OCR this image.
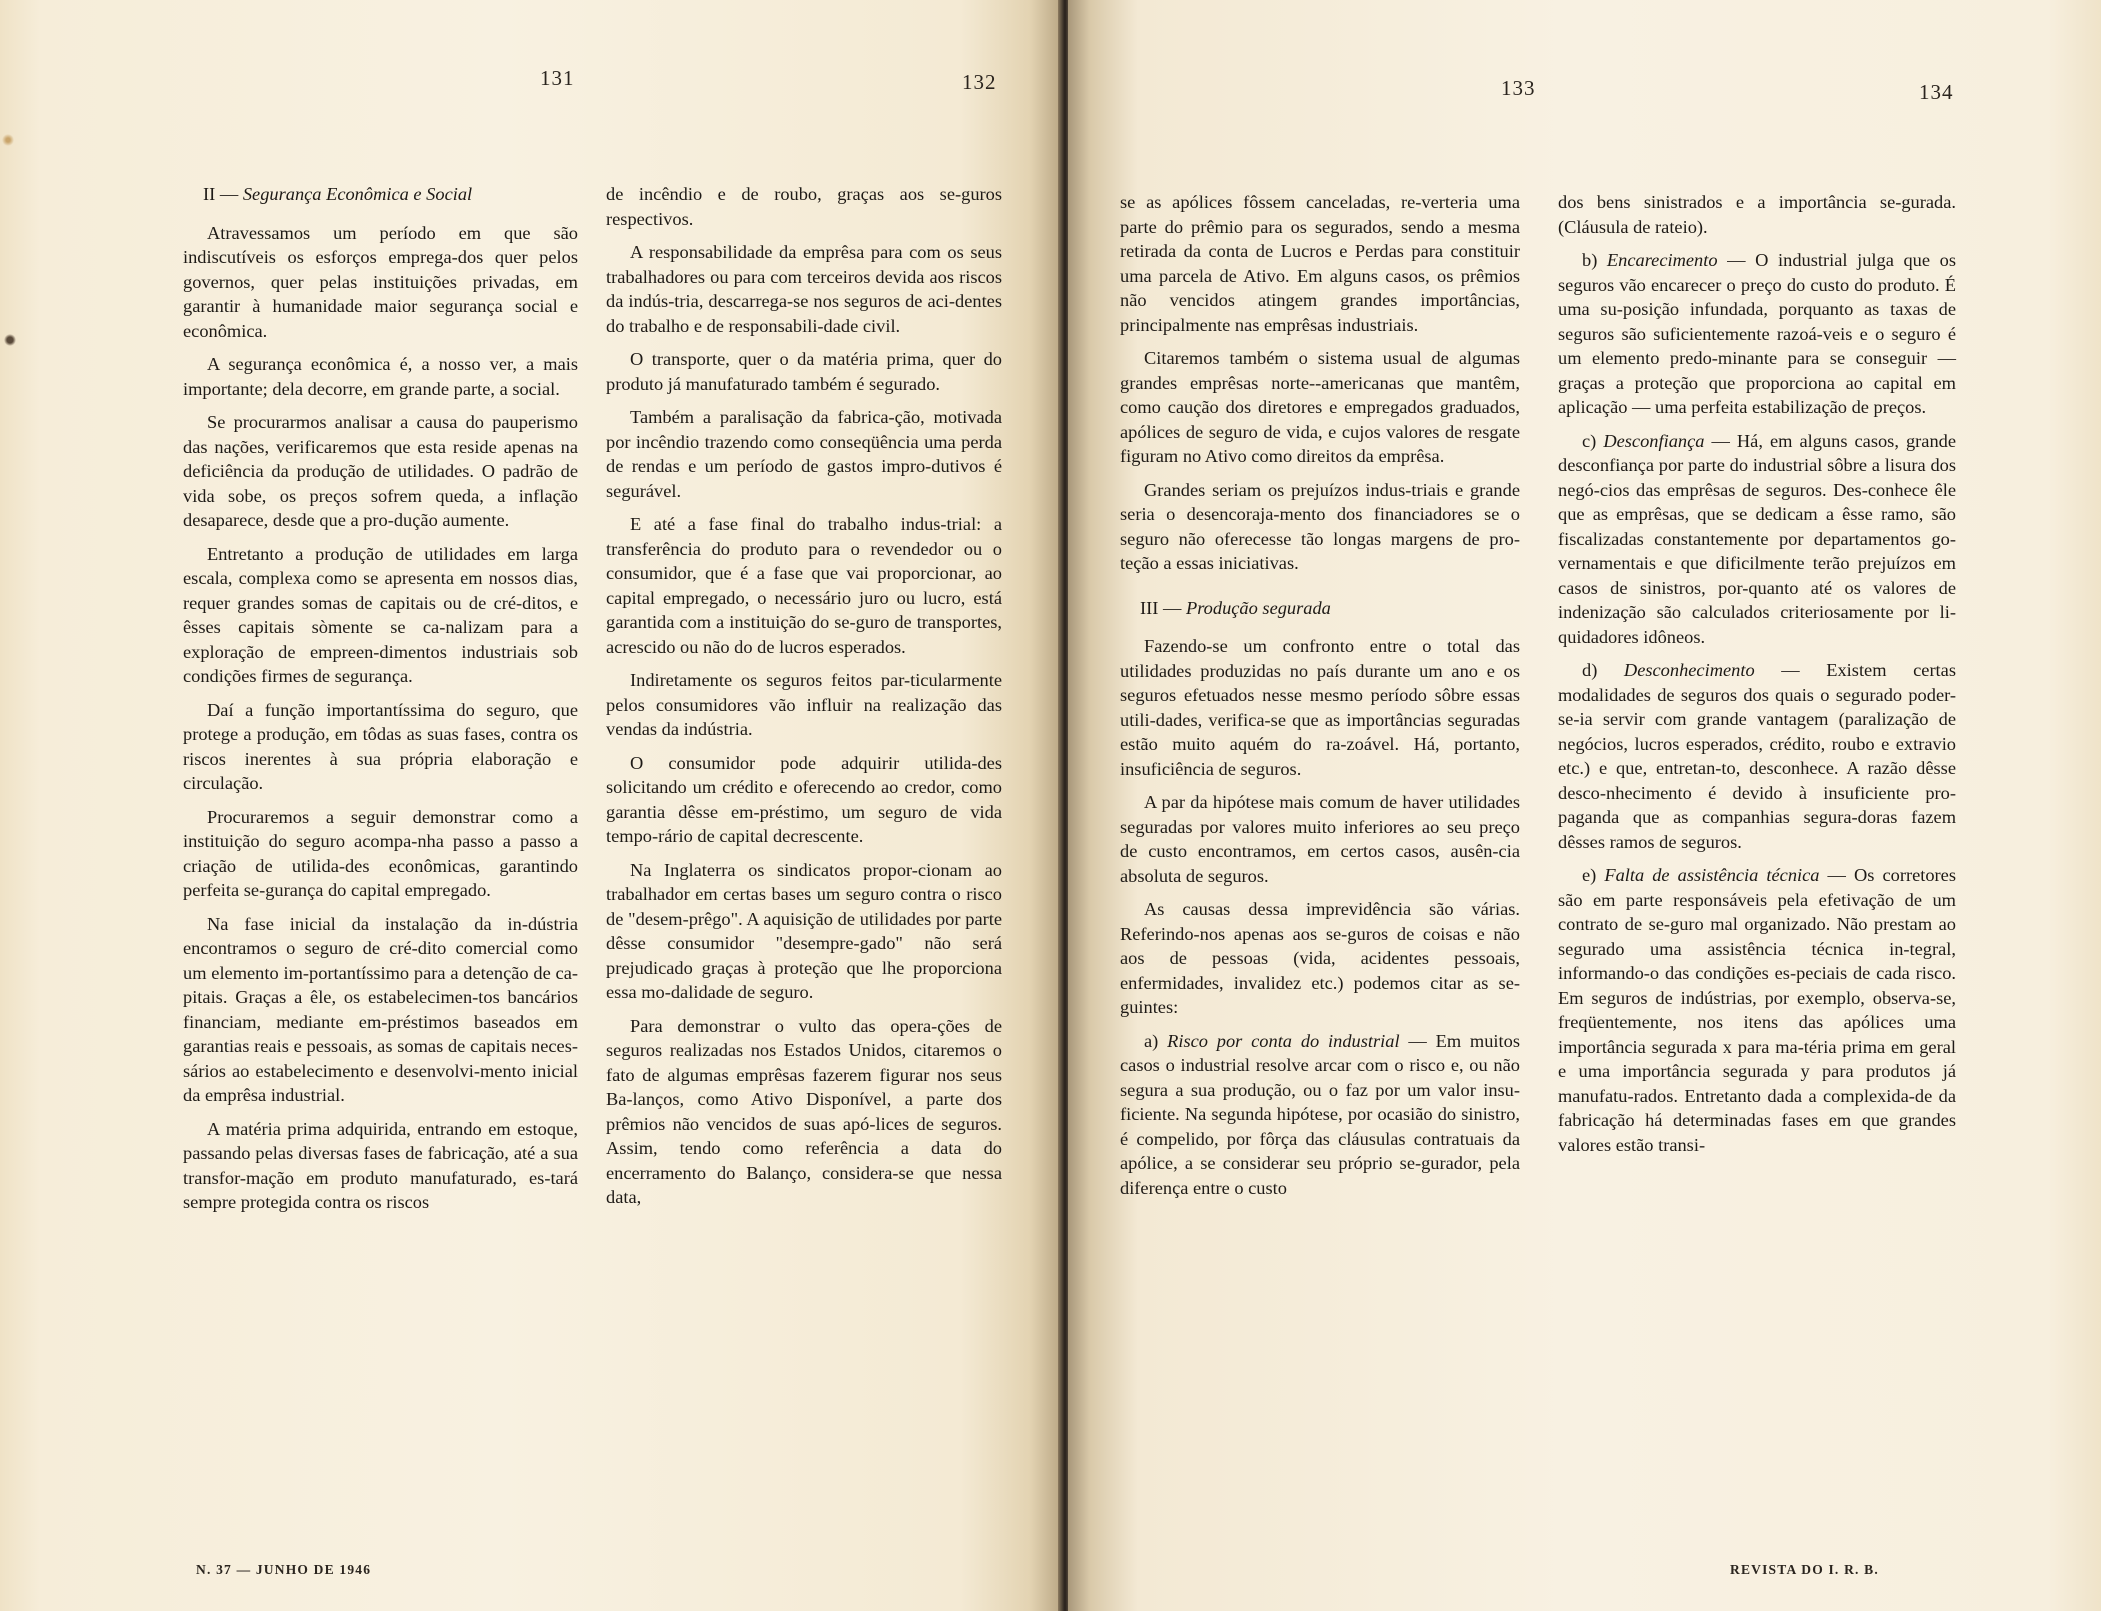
131	132

II — Segurança Econômica e Social

Atravessamos um período em que são indiscutíveis os esforços emprega-dos quer pelos governos, quer pelas instituições privadas, em garantir à humanidade maior segurança social e econômica.

A segurança econômica é, a nosso ver, a mais importante; dela decorre, em grande parte, a social.

Se procurarmos analisar a causa do pauperismo das nações, verificaremos que esta reside apenas na deficiência da produção de utilidades. O padrão de vida sobe, os preços sofrem queda, a inflação desaparece, desde que a pro-dução aumente.

Entretanto a produção de utilidades em larga escala, complexa como se apresenta em nossos dias, requer grandes somas de capitais ou de cré-ditos, e êsses capitais sòmente se ca-nalizam para a exploração de empreen-dimentos industriais sob condições firmes de segurança.

Daí a função importantíssima do seguro, que protege a produção, em tôdas as suas fases, contra os riscos inerentes à sua própria elaboração e circulação.

Procuraremos a seguir demonstrar como a instituição do seguro acompa-nha passo a passo a criação de utilida-des econômicas, garantindo perfeita se-gurança do capital empregado.

Na fase inicial da instalação da in-dústria encontramos o seguro de cré-dito comercial como um elemento im-portantíssimo para a detenção de ca-pitais. Graças a êle, os estabelecimen-tos bancários financiam, mediante em-préstimos baseados em garantias reais e pessoais, as somas de capitais neces-sários ao estabelecimento e desenvolvi-mento inicial da emprêsa industrial.

A matéria prima adquirida, entrando em estoque, passando pelas diversas fases de fabricação, até a sua transfor-mação em produto manufaturado, es-tará sempre protegida contra os riscos

de incêndio e de roubo, graças aos se-guros respectivos.

A responsabilidade da emprêsa para com os seus trabalhadores ou para com terceiros devida aos riscos da indús-tria, descarrega-se nos seguros de aci-dentes do trabalho e de responsabili-dade civil.

O transporte, quer o da matéria prima, quer do produto já manufaturado também é segurado.

Também a paralisação da fabrica-ção, motivada por incêndio trazendo como conseqüência uma perda de rendas e um período de gastos impro-dutivos é segurável.

E até a fase final do trabalho indus-trial: a transferência do produto para o revendedor ou o consumidor, que é a fase que vai proporcionar, ao capital empregado, o necessário juro ou lucro, está garantida com a instituição do se-guro de transportes, acrescido ou não do de lucros esperados.

Indiretamente os seguros feitos par-ticularmente pelos consumidores vão influir na realização das vendas da indústria.

O consumidor pode adquirir utilida-des solicitando um crédito e oferecendo ao credor, como garantia dêsse em-préstimo, um seguro de vida tempo-rário de capital decrescente.

Na Inglaterra os sindicatos propor-cionam ao trabalhador em certas bases um seguro contra o risco de "desem-prêgo". A aquisição de utilidades por parte dêsse consumidor "desempre-gado" não será prejudicado graças à proteção que lhe proporciona essa mo-dalidade de seguro.

Para demonstrar o vulto das opera-ções de seguros realizadas nos Estados Unidos, citaremos o fato de algumas emprêsas fazerem figurar nos seus Ba-lanços, como Ativo Disponível, a parte dos prêmios não vencidos de suas apó-lices de seguros. Assim, tendo como referência a data do encerramento do Balanço, considera-se que nessa data,

N. 37 — JUNHO DE 1946
133	134

se as apólices fôssem canceladas, re-verteria uma parte do prêmio para os segurados, sendo a mesma retirada da conta de Lucros e Perdas para constituir uma parcela de Ativo. Em alguns casos, os prêmios não vencidos atingem grandes importâncias, principalmente nas emprêsas industriais.

Citaremos também o sistema usual de algumas grandes emprêsas norte--americanas que mantêm, como caução dos diretores e empregados graduados, apólices de seguro de vida, e cujos valores de resgate figuram no Ativo como direitos da emprêsa.

Grandes seriam os prejuízos indus-triais e grande seria o desencoraja-mento dos financiadores se o seguro não oferecesse tão longas margens de pro-teção a essas iniciativas.

III — Produção segurada

Fazendo-se um confronto entre o total das utilidades produzidas no país durante um ano e os seguros efetuados nesse mesmo período sôbre essas utili-dades, verifica-se que as importâncias seguradas estão muito aquém do ra-zoável. Há, portanto, insuficiência de seguros.

A par da hipótese mais comum de haver utilidades seguradas por valores muito inferiores ao seu preço de custo encontramos, em certos casos, ausên-cia absoluta de seguros.

As causas dessa imprevidência são várias. Referindo-nos apenas aos se-guros de coisas e não aos de pessoas (vida, acidentes pessoais, enfermidades, invalidez etc.) podemos citar as se-guintes:

a) Risco por conta do industrial — Em muitos casos o industrial resolve arcar com o risco e, ou não segura a sua produção, ou o faz por um valor insu-ficiente. Na segunda hipótese, por ocasião do sinistro, é compelido, por fôrça das cláusulas contratuais da apólice, a se considerar seu próprio se-gurador, pela diferença entre o custo

dos bens sinistrados e a importância se-gurada. (Cláusula de rateio).

b) Encarecimento — O industrial julga que os seguros vão encarecer o preço do custo do produto. É uma su-posição infundada, porquanto as taxas de seguros são suficientemente razoá-veis e o seguro é um elemento predo-minante para se conseguir — graças a proteção que proporciona ao capital em aplicação — uma perfeita estabilização de preços.

c) Desconfiança — Há, em alguns casos, grande desconfiança por parte do industrial sôbre a lisura dos negó-cios das emprêsas de seguros. Des-conhece êle que as emprêsas, que se dedicam a êsse ramo, são fiscalizadas constantemente por departamentos go-vernamentais e que dificilmente terão prejuízos em casos de sinistros, por-quanto até os valores de indenização são calculados criteriosamente por li-quidadores idôneos.

d) Desconhecimento — Existem certas modalidades de seguros dos quais o segurado poder-se-ia servir com grande vantagem (paralização de negócios, lucros esperados, crédito, roubo e extravio etc.) e que, entretan-to, desconhece. A razão dêsse desco-nhecimento é devido à insuficiente pro-paganda que as companhias segura-doras fazem dêsses ramos de seguros.

e) Falta de assistência técnica — Os corretores são em parte responsáveis pela efetivação de um contrato de se-guro mal organizado. Não prestam ao segurado uma assistência técnica in-tegral, informando-o das condições es-peciais de cada risco. Em seguros de indústrias, por exemplo, observa-se, freqüentemente, nos itens das apólices uma importância segurada x para ma-téria prima em geral e uma importância segurada y para produtos já manufatu-rados. Entretanto dada a complexida-de da fabricação há determinadas fases em que grandes valores estão transi-

REVISTA DO I. R. B.
